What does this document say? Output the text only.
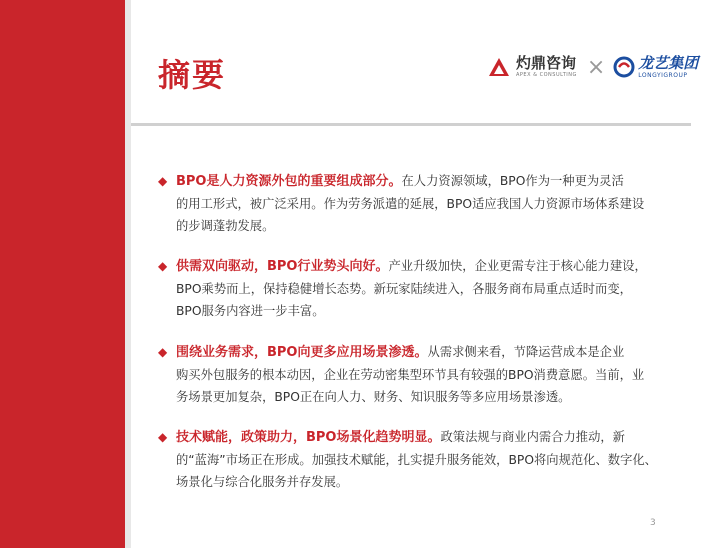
摘要	灼鼎咨询
APEX & CONSULTING × 龙艺集团
LONGYIGROUP
◆ BPO是人力资源外包的重要组成部分。在人力资源领域，BPO作为一种更为灵活
的用工形式，被广泛采用。作为劳务派遣的延展，BPO适应我国人力资源市场体系建设
的步调蓬勃发展。
◆ 供需双向驱动，BPO行业势头向好。产业升级加快，企业更需专注于核心能力建设，
BPO乘势而上，保持稳健增长态势。新玩家陆续进入，各服务商布局重点适时而变，
BPO服务内容进一步丰富。
◆ 围绕业务需求，BPO向更多应用场景渗透。从需求侧来看，节降运营成本是企业
购买外包服务的根本动因，企业在劳动密集型环节具有较强的BPO消费意愿。当前，业
务场景更加复杂，BPO正在向人力、财务、知识服务等多应用场景渗透。
◆ 技术赋能，政策助力，BPO场景化趋势明显。政策法规与商业内需合力推动，新
的“蓝海”市场正在形成。加强技术赋能，扎实提升服务能效，BPO将向规范化、数字化、
场景化与综合化服务并存发展。
3
